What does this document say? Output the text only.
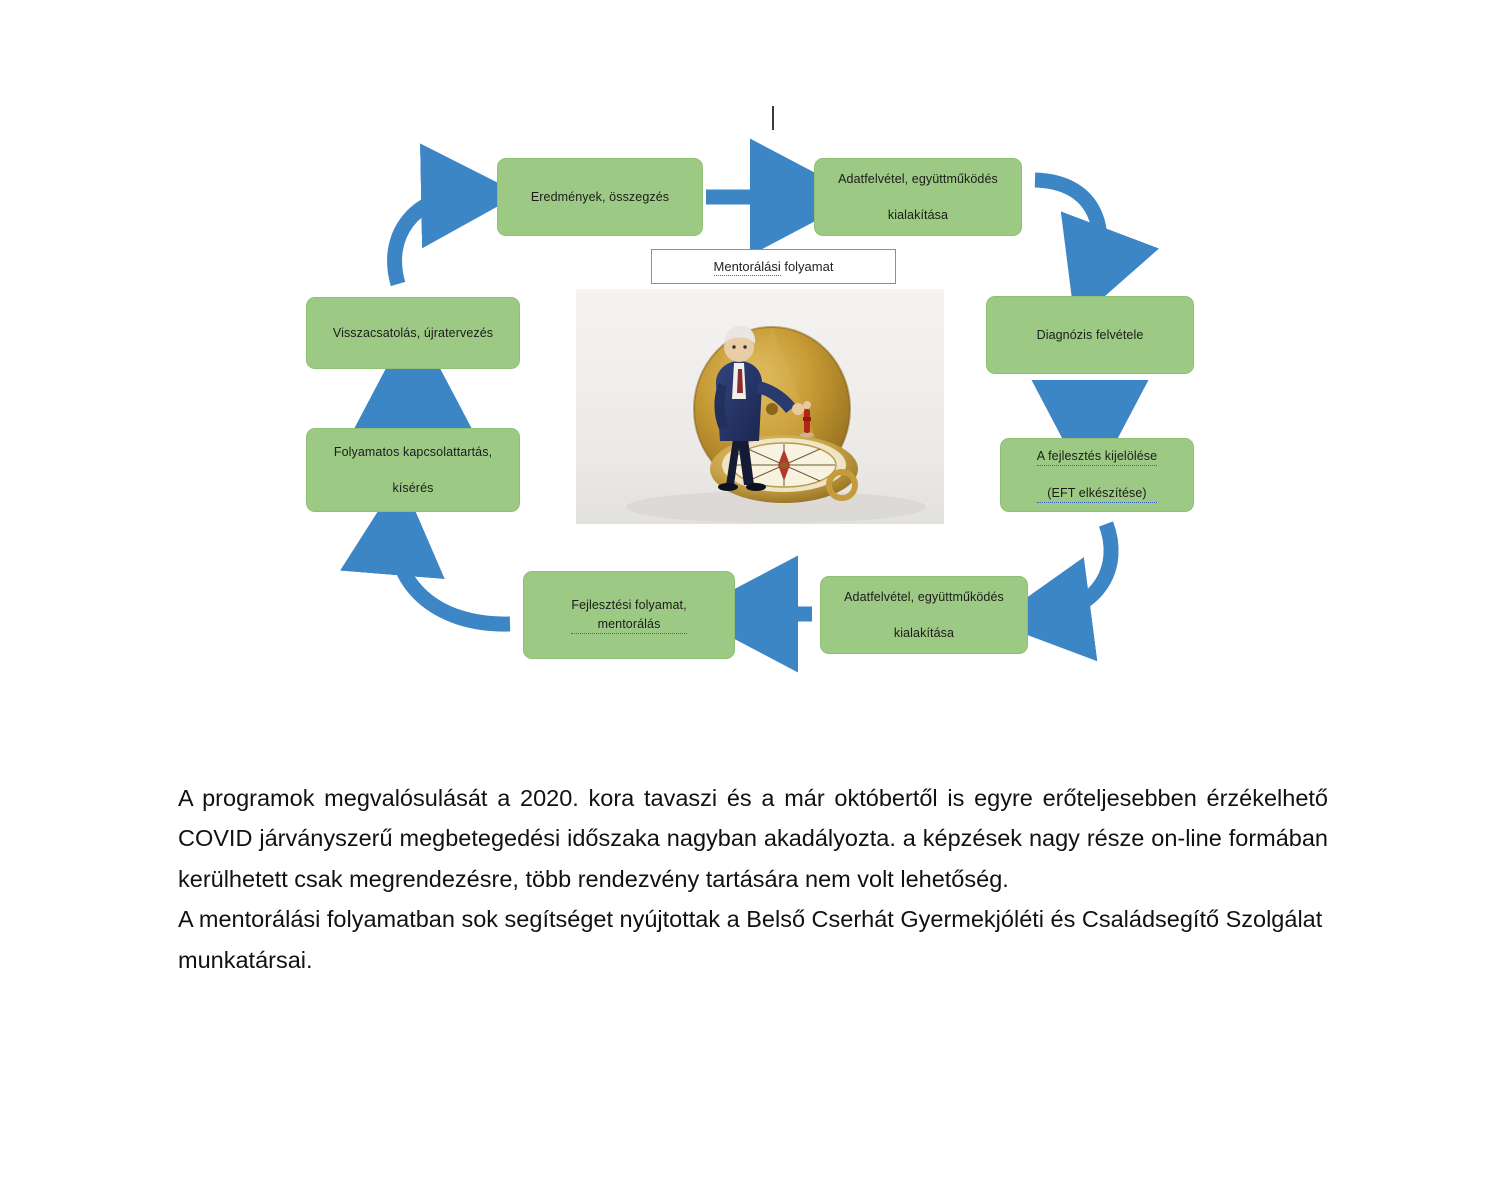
Eredmények, összegzés
Adatfelvétel, együttműködés

kialakítása
Diagnózis felvétele
A fejlesztés kijelölése

(EFT elkészítése)
Adatfelvétel, együttműködés

kialakítása
Fejlesztési folyamat,
mentorálás
Folyamatos kapcsolattartás,

kísérés
Visszacsatolás, újratervezés
Mentorálási folyamat

A programok megvalósulását a 2020. kora tavaszi és a már októbertől is egyre erőteljesebben érzékelhető COVID járványszerű megbetegedési időszaka nagyban akadályozta. a képzések nagy része on-line formában kerülhetett csak megrendezésre, több rendezvény tartására nem volt lehetőség.

A mentorálási folyamatban sok segítséget nyújtottak a Belső Cserhát Gyermekjóléti és Családsegítő Szolgálat munkatársai.
